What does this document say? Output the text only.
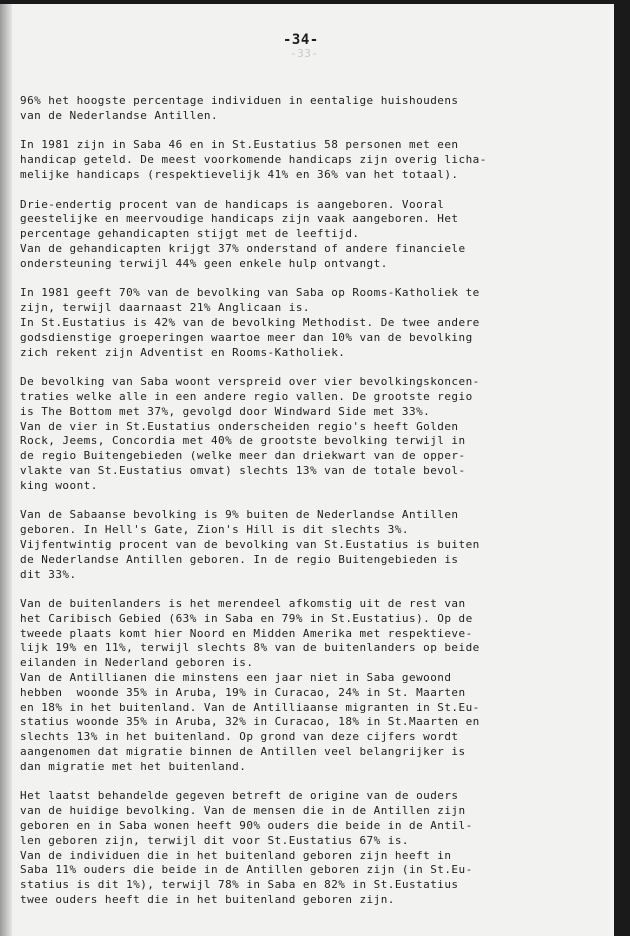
-34-
-33-
96% het hoogste percentage individuen in eentalige huishoudens
van de Nederlandse Antillen.
In 1981 zijn in Saba 46 en in St.Eustatius 58 personen met een
handicap geteld. De meest voorkomende handicaps zijn overig licha-
melijke handicaps (respektievelijk 41% en 36% van het totaal).
Drie-endertig procent van de handicaps is aangeboren. Vooral
geestelijke en meervoudige handicaps zijn vaak aangeboren. Het
percentage gehandicapten stijgt met de leeftijd.
Van de gehandicapten krijgt 37% onderstand of andere financiele
ondersteuning terwijl 44% geen enkele hulp ontvangt.
In 1981 geeft 70% van de bevolking van Saba op Rooms-Katholiek te
zijn, terwijl daarnaast 21% Anglicaan is.
In St.Eustatius is 42% van de bevolking Methodist. De twee andere
godsdienstige groeperingen waartoe meer dan 10% van de bevolking
zich rekent zijn Adventist en Rooms-Katholiek.
De bevolking van Saba woont verspreid over vier bevolkingskoncen-
traties welke alle in een andere regio vallen. De grootste regio
is The Bottom met 37%, gevolgd door Windward Side met 33%.
Van de vier in St.Eustatius onderscheiden regio's heeft Golden
Rock, Jeems, Concordia met 40% de grootste bevolking terwijl in
de regio Buitengebieden (welke meer dan driekwart van de opper-
vlakte van St.Eustatius omvat) slechts 13% van de totale bevol-
king woont.
Van de Sabaanse bevolking is 9% buiten de Nederlandse Antillen
geboren. In Hell's Gate, Zion's Hill is dit slechts 3%.
Vijfentwintig procent van de bevolking van St.Eustatius is buiten
de Nederlandse Antillen geboren. In de regio Buitengebieden is
dit 33%.
Van de buitenlanders is het merendeel afkomstig uit de rest van
het Caribisch Gebied (63% in Saba en 79% in St.Eustatius). Op de
tweede plaats komt hier Noord en Midden Amerika met respektieve-
lijk 19% en 11%, terwijl slechts 8% van de buitenlanders op beide
eilanden in Nederland geboren is.
Van de Antillianen die minstens een jaar niet in Saba gewoond
hebben  woonde 35% in Aruba, 19% in Curacao, 24% in St. Maarten
en 18% in het buitenland. Van de Antilliaanse migranten in St.Eu-
statius woonde 35% in Aruba, 32% in Curacao, 18% in St.Maarten en
slechts 13% in het buitenland. Op grond van deze cijfers wordt
aangenomen dat migratie binnen de Antillen veel belangrijker is
dan migratie met het buitenland.
Het laatst behandelde gegeven betreft de origine van de ouders
van de huidige bevolking. Van de mensen die in de Antillen zijn
geboren en in Saba wonen heeft 90% ouders die beide in de Antil-
len geboren zijn, terwijl dit voor St.Eustatius 67% is.
Van de individuen die in het buitenland geboren zijn heeft in
Saba 11% ouders die beide in de Antillen geboren zijn (in St.Eu-
statius is dit 1%), terwijl 78% in Saba en 82% in St.Eustatius
twee ouders heeft die in het buitenland geboren zijn.
